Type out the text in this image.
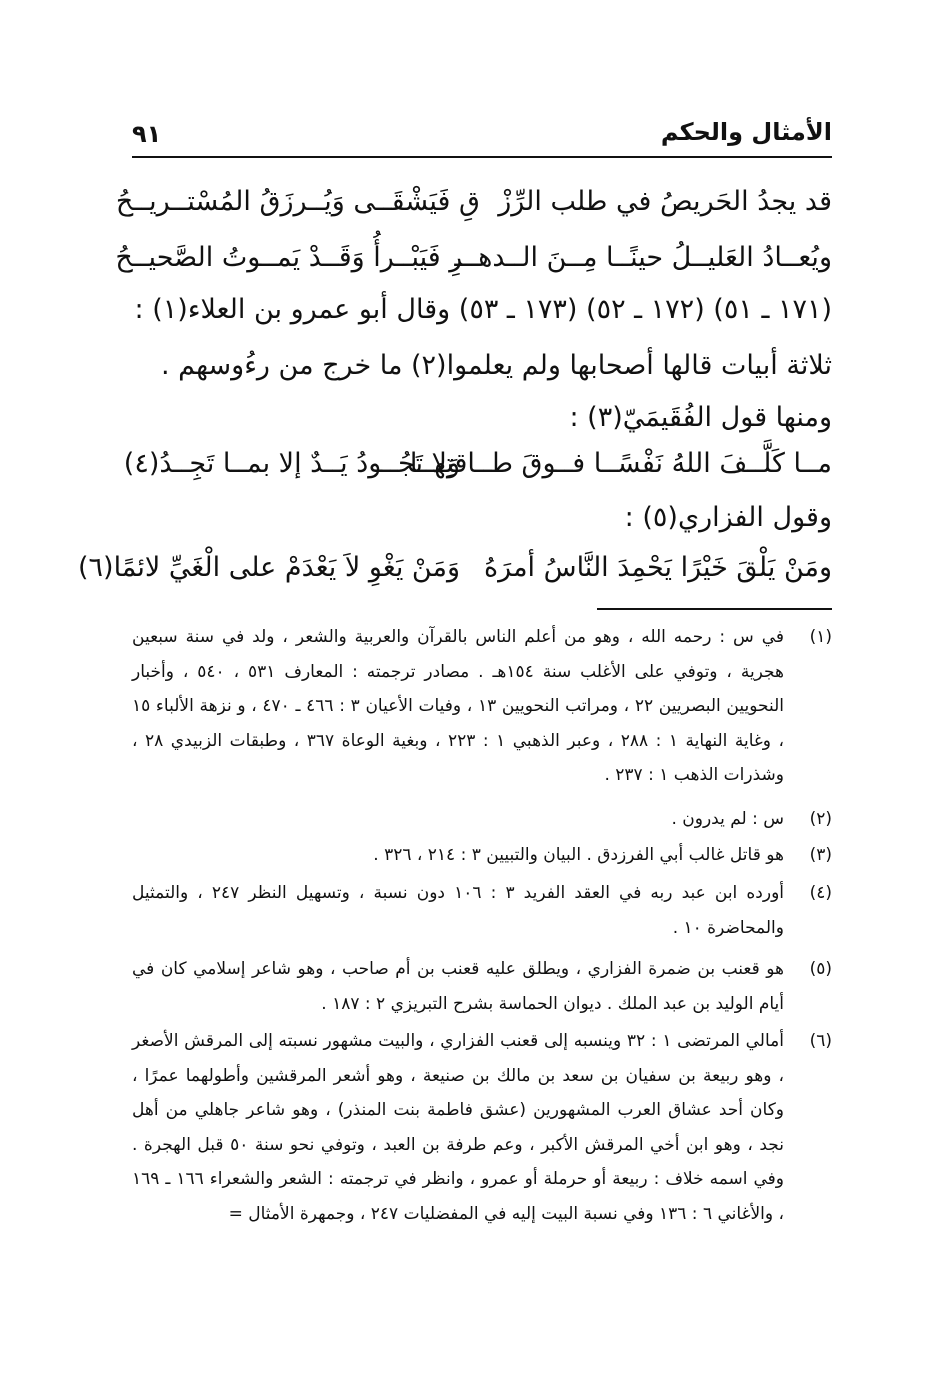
الأمثال والحكم
٩١
قد يجدُ الحَريصُ في طلب الرِّزْ
قِ فَيَشْقَــى وَيُــرزَقُ المُسْتــريــحُ
ويُعــادُ العَليــلُ حينًــا مِــنَ الــدهـــ
ــرِ فَيَبْــرأُ وَقَــدْ يَمــوتُ الصَّحيــحُ
(١٧١ ـ ٥١) (١٧٢ ـ ٥٢) (١٧٣ ـ ٥٣) وقال أبو عمرو بن العلاء(١) :
ثلاثة أبيات قالها أصحابها ولم يعلموا(٢) ما خرج من رءُوسهم .
ومنها قول الفُقَيمَيّ(٣) :
مــا كَلَّــفَ اللهُ نَفْسًــا فــوقَ طــاقتِهــا
وَلا تَجُــودُ يَــدٌ إلا بمــا تَجِــدُ(٤)
وقول الفزاري(٥) :
ومَنْ يَلْقَ خَيْرًا يَحْمِدَ النَّاسُ أمرَهُ
وَمَنْ يَغْوِ لاَ يَعْدَمْ على الْغَيِّ لائمًا(٦)
(١)
في س : رحمه الله ، وهو من أعلم الناس بالقرآن والعربية والشعر ، ولد في سنة سبعين هجرية ، وتوفي على الأغلب سنة ١٥٤هـ . مصادر ترجمته : المعارف ٥٣١ ، ٥٤٠ ، وأخبار النحويين البصريين ٢٢ ، ومراتب النحويين ١٣ ، وفيات الأعيان ٣ : ٤٦٦ ـ ٤٧٠ ، و نزهة الألباء ١٥ ، وغاية النهاية ١ : ٢٨٨ ، وعبر الذهبي ١ : ٢٢٣ ، وبغية الوعاة ٣٦٧ ، وطبقات الزبيدي ٢٨ ، وشذرات الذهب ١ : ٢٣٧ .
(٢)
س : لم يدرون .
(٣)
هو قاتل غالب أبي الفرزدق . البيان والتبيين ٣ : ٢١٤ ، ٣٢٦ .
(٤)
أورده ابن عبد ربه في العقد الفريد ٣ : ١٠٦ دون نسبة ، وتسهيل النظر ٢٤٧ ، والتمثيل والمحاضرة ١٠ .
(٥)
هو قعنب بن ضمرة الفزاري ، ويطلق عليه قعنب بن أم صاحب ، وهو شاعر إسلامي كان في أيام الوليد بن عبد الملك . ديوان الحماسة بشرح التبريزي ٢ : ١٨٧ .
(٦)
أمالي المرتضى ١ : ٣٢ وينسبه إلى قعنب الفزاري ، والبيت مشهور نسبته إلى المرقش الأصغر ، وهو ربيعة بن سفيان بن سعد بن مالك بن صنيعة ، وهو أشعر المرقشين وأطولهما عمرًا ، وكان أحد عشاق العرب المشهورين (عشق فاطمة بنت المنذر) ، وهو شاعر جاهلي من أهل نجد ، وهو ابن أخي المرقش الأكبر ، وعم طرفة بن العبد ، وتوفي نحو سنة ٥٠ قبل الهجرة . وفي اسمه خلاف : ربيعة أو حرملة أو عمرو ، وانظر في ترجمته : الشعر والشعراء ١٦٦ ـ ١٦٩ ، والأغاني ٦ : ١٣٦ وفي نسبة البيت إليه في المفضليات ٢٤٧ ، وجمهرة الأمثال =
